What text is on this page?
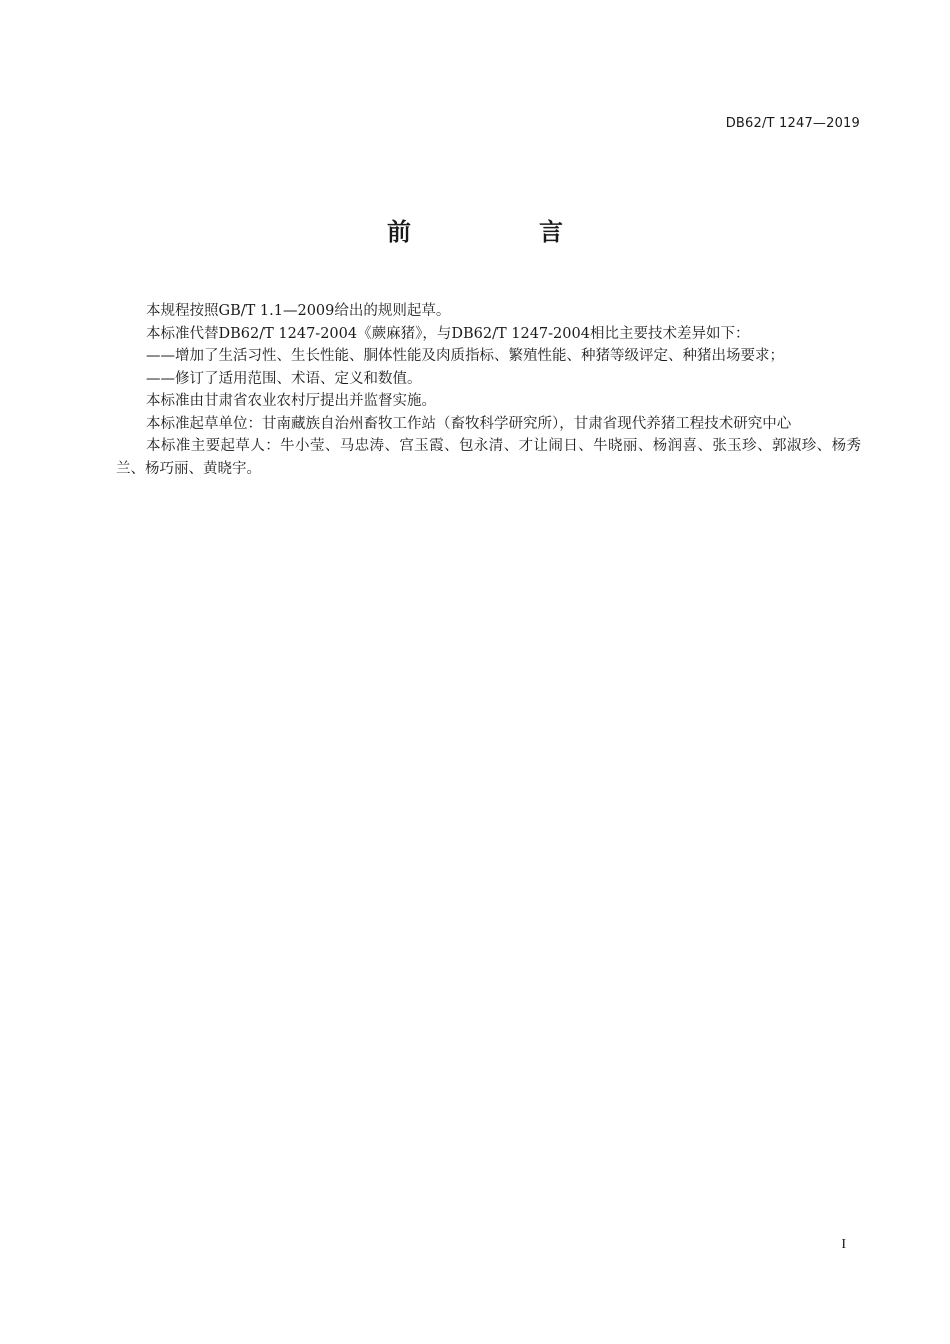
DB62/T 1247—2019
前　言

本规程按照GB/T 1.1—2009给出的规则起草。

本标准代替DB62/T 1247-2004《蕨麻猪》，与DB62/T 1247-2004相比主要技术差异如下：

——增加了生活习性、生长性能、胴体性能及肉质指标、繁殖性能、种猪等级评定、种猪出场要求；

——修订了适用范围、术语、定义和数值。

本标准由甘肃省农业农村厅提出并监督实施。

本标准起草单位：甘南藏族自治州畜牧工作站（畜牧科学研究所），甘肃省现代养猪工程技术研究中心

本标准主要起草人：牛小莹、马忠涛、宫玉霞、包永清、才让闹日、牛晓丽、杨润喜、张玉珍、郭淑珍、杨秀兰、杨巧丽、黄晓宇。

I
